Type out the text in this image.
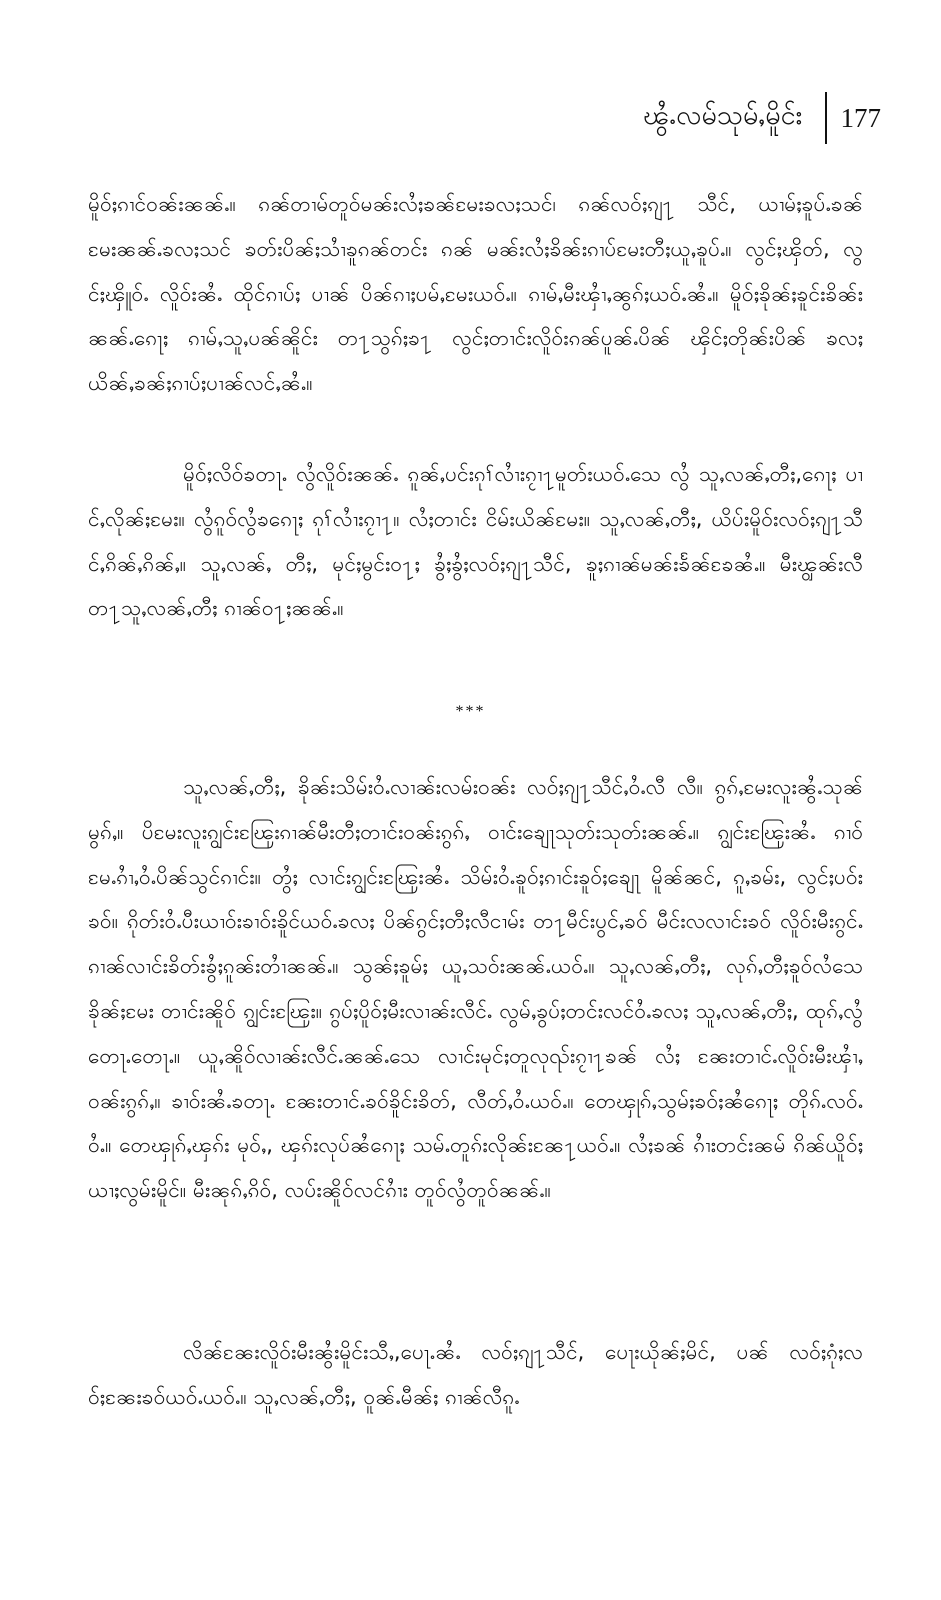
ၽွႆႉလမ်သုမ်ႇမိူင်း 177
မိူဝ်ႈၵၢင်ဝၼ်းၼၼ်ႉ။ ၵၼ်တၢမ်တူဝ်မၼ်းလႆႈၶၼ်မႄးၶလႈသင်၊ ၵၼ်လဝ်ႈၵျ႑ သီင်, ယၢမ်ႈၶူပ်ႉၶၼ်မႄးၼၼ်ႉၶလႈသင် ၶတ်းပိၼ်ႈသၢႆၶူၵၼ်တင်း ၵၼ် မၼ်းလႆႈၶိၼ်းၵၢပ်မႄးတီႈယူႇၶူပ်ႉ။ လွင်ႈၾိတ်, လွင်ႈၾိူဝ်ႉ လိူဝ်းၼႆႉ ထိုင်ၵၢပ်ႈ ပၢၼ် ပိၼ်ၵၢႈပမ်ႇမႄးယဝ်ႉ။ ၵၢမ်ႇမီးၾၢႆႇၼွၵ်ႈယဝ်ႉၼႆႉ။ မိူဝ်ႈၶိုၼ်ႈၶူင်းၶိၼ်း ၼၼ်ႉၵေႃႈ ၵၢမ်ႇသူႇပၼ်ၼိူင်း တ႑သွၵ်ႈၶ႑ လွင်ႈတၢင်းလိူဝ်းၵၼ်ပူၼ်ႉပိၼ် ၾိင်ႈတိုၼ်းပိၼ် ၶလႈ ယိၼ်ႇၶၼ်ႈၵၢပ်ႈပၢၼ်လင်ႇၼႆႉ။
မိူဝ်ႈလိဝ်ၶတႃႉ လွႆလိူဝ်းၼၼ်ႉ ၵူၼ်ႇပင်းၵုၢ်လၢႆးၵႂၢ႑မူတ်းယဝ်ႉသေ လွႆ သူႇလၼ်ႇတီႈ,ၵေႃႈ ပၢင်ႇလိုၼ်ႈမႄး။ လွႆၵူဝ်လွႆၶၵေႃႈ ၵုၢ်လၢႆးၵႂၢ႑။ လႆႈတၢင်း ငိမ်းယိၼ်မႄး။ သူႇလၼ်ႇတီႈ, ယိပ်းမိူဝ်းလဝ်ႈၵျ႑သီင်ႇၵိၼ်ႇၵိၼ်ႇ။ သူႇလၼ်ႇ တီႈ, မုင်ႈမွင်းဝ႑ႈ ၶွႆႈၶွႆႈလဝ်ႈၵျ႑သီင်, ၶူႈၵၢၼ်မၼ်းၶႅၼ်ၶႄၼႆႉ။ မီးၾွၼ်းလီ တ႑သူႇလၼ်ႇတီႈ ၵၢၼ်ဝ႑ႈၼၼ်ႉ။
***
သူႇလၼ်ႇတီႈ, ၶိုၼ်းသိမ်းဝႆႉလၢၼ်းလမ်းဝၼ်း လဝ်ႈၵျ႑သီင်ႇဝႆႉလီ လီ။ ၵွၵ်ႇမႄးလူးၼွႆႉသုၼ်မွၵ်ႇ။ ပိမႄးလူးၵျွင်းၾြႄးၵၢၼ်မီးတီႈတၢင်းဝၼ်းၵွၵ်ႇ ဝၢင်းၶျေႃသုတ်းသုတ်းၼၼ်ႉ။ ၵျွင်းၾြႄးၼႆႉ ၵၢဝ်မႄႉၵၢႆႇဝႆႉပိၼ်သွင်ၵၢင်း။ တွႆႈ လၢင်းၵျွင်းၾြႄးၼႆႉ သိမ်းဝႆႉၶူဝ်ႈၵၢင်းၶူဝ်ႈၶျေႃ မိူၼ်ၼင်, ၵူႇၶမ်း, လွင်ႈပဝ်း ၶဝ်။ ၵိုတ်းဝႆႉပီးယၢဝ်းၶၢဝ်းၶိူင်ယဝ်ႉၶလႈ ပိၼ်ၵွင်ႈတီႈလီငၢမ်း တ႑မီင်းပွင်ႇၶဝ် မီင်းလလၢင်းၶဝ် လိူဝ်းမီးၵွင်ႉ ၵၢၼ်လၢင်းၶိတ်းၶွႆႈၵူၼ်းတၢႆၼၼ်ႉ။ သွၼ်ႈၶူမ်ႈ ယူႇသဝ်းၼၼ်ႉယဝ်ႉ။ သူႇလၼ်ႇတီႈ, လုၵ်ႇတီႈၶူဝ်လႆသေ ၶိုၼ်ႈမႄး တၢင်းၼိူဝ် ၵျွင်းၾြႄး။ ၵွပ်ႈပိူဝ်ႈမီးလၢၼ်းလီင်ႉ လွမ်ႇၶွပ်ႈတင်းလင်ဝႆႉၶလႈ သူႇလၼ်ႇတီႈ, ထုၵ်ႇလွႆတေႃႉတေႃႉ။ ယူႇၼိူဝ်လၢၼ်းလီင်ႉၼၼ်ႉသေ လၢင်းမုင်ႈတူလုၺ်းၵႂၢ႑ၶၼ် လႆႈ ၼႄးတၢင်ႉလိူဝ်းမီးၾၢႆႇဝၼ်းၵွၵ်ႇ။ ၶၢဝ်းၼႆႉၶတႃႉ ၼႄးတၢင်ႉၶဝ်ၶိူင်းၶိတ်, လီတ်ႇဝႆႉယဝ်ႉ။ တေၾုၵ်ႇသွမ်ႈၶဝ်ႈၼႆၵေႃႈ တိုၵ်ႉလဝ်ႉဝႆႉ။ တေၾုၵ်ႇၾၵ်း မုဝ်ႇ, ၾၵ်းလုပ်ၼႆၵေႃႈ သမ်ႉတူၵ်းလိုၼ်းၼႄ႑ယဝ်ႉ။ လႆႈၶၼ် ၵၢႆးတင်းၼမ် ၵိၼ်ယိူဝ်ႈယၢႈလွမ်းမိူင်။ မီးၼုၵ်ႇၵိဝ်, လပ်းၼိူဝ်လင်ၵၢႆး တူဝ်လွႆတူဝ်ၼၼ်ႉ။
လိၼ်ၼႄးလိူဝ်းမီးၼွႆးမိူင်းသီႇ,ပေႃႉၼႆႉ လဝ်ႈၵျ႑သီင်, ပေႃးယိုၼ်ႈမိင်, ပၼ် လဝ်ႈၵုံႈလဝ်ႈၼႄးၶဝ်ယဝ်ႉယဝ်ႉ။ သူႇလၼ်ႇတီႈ, ဝူၼ်ႉမီၼ်ႈ ၵၢၼ်လီၵူႉ
